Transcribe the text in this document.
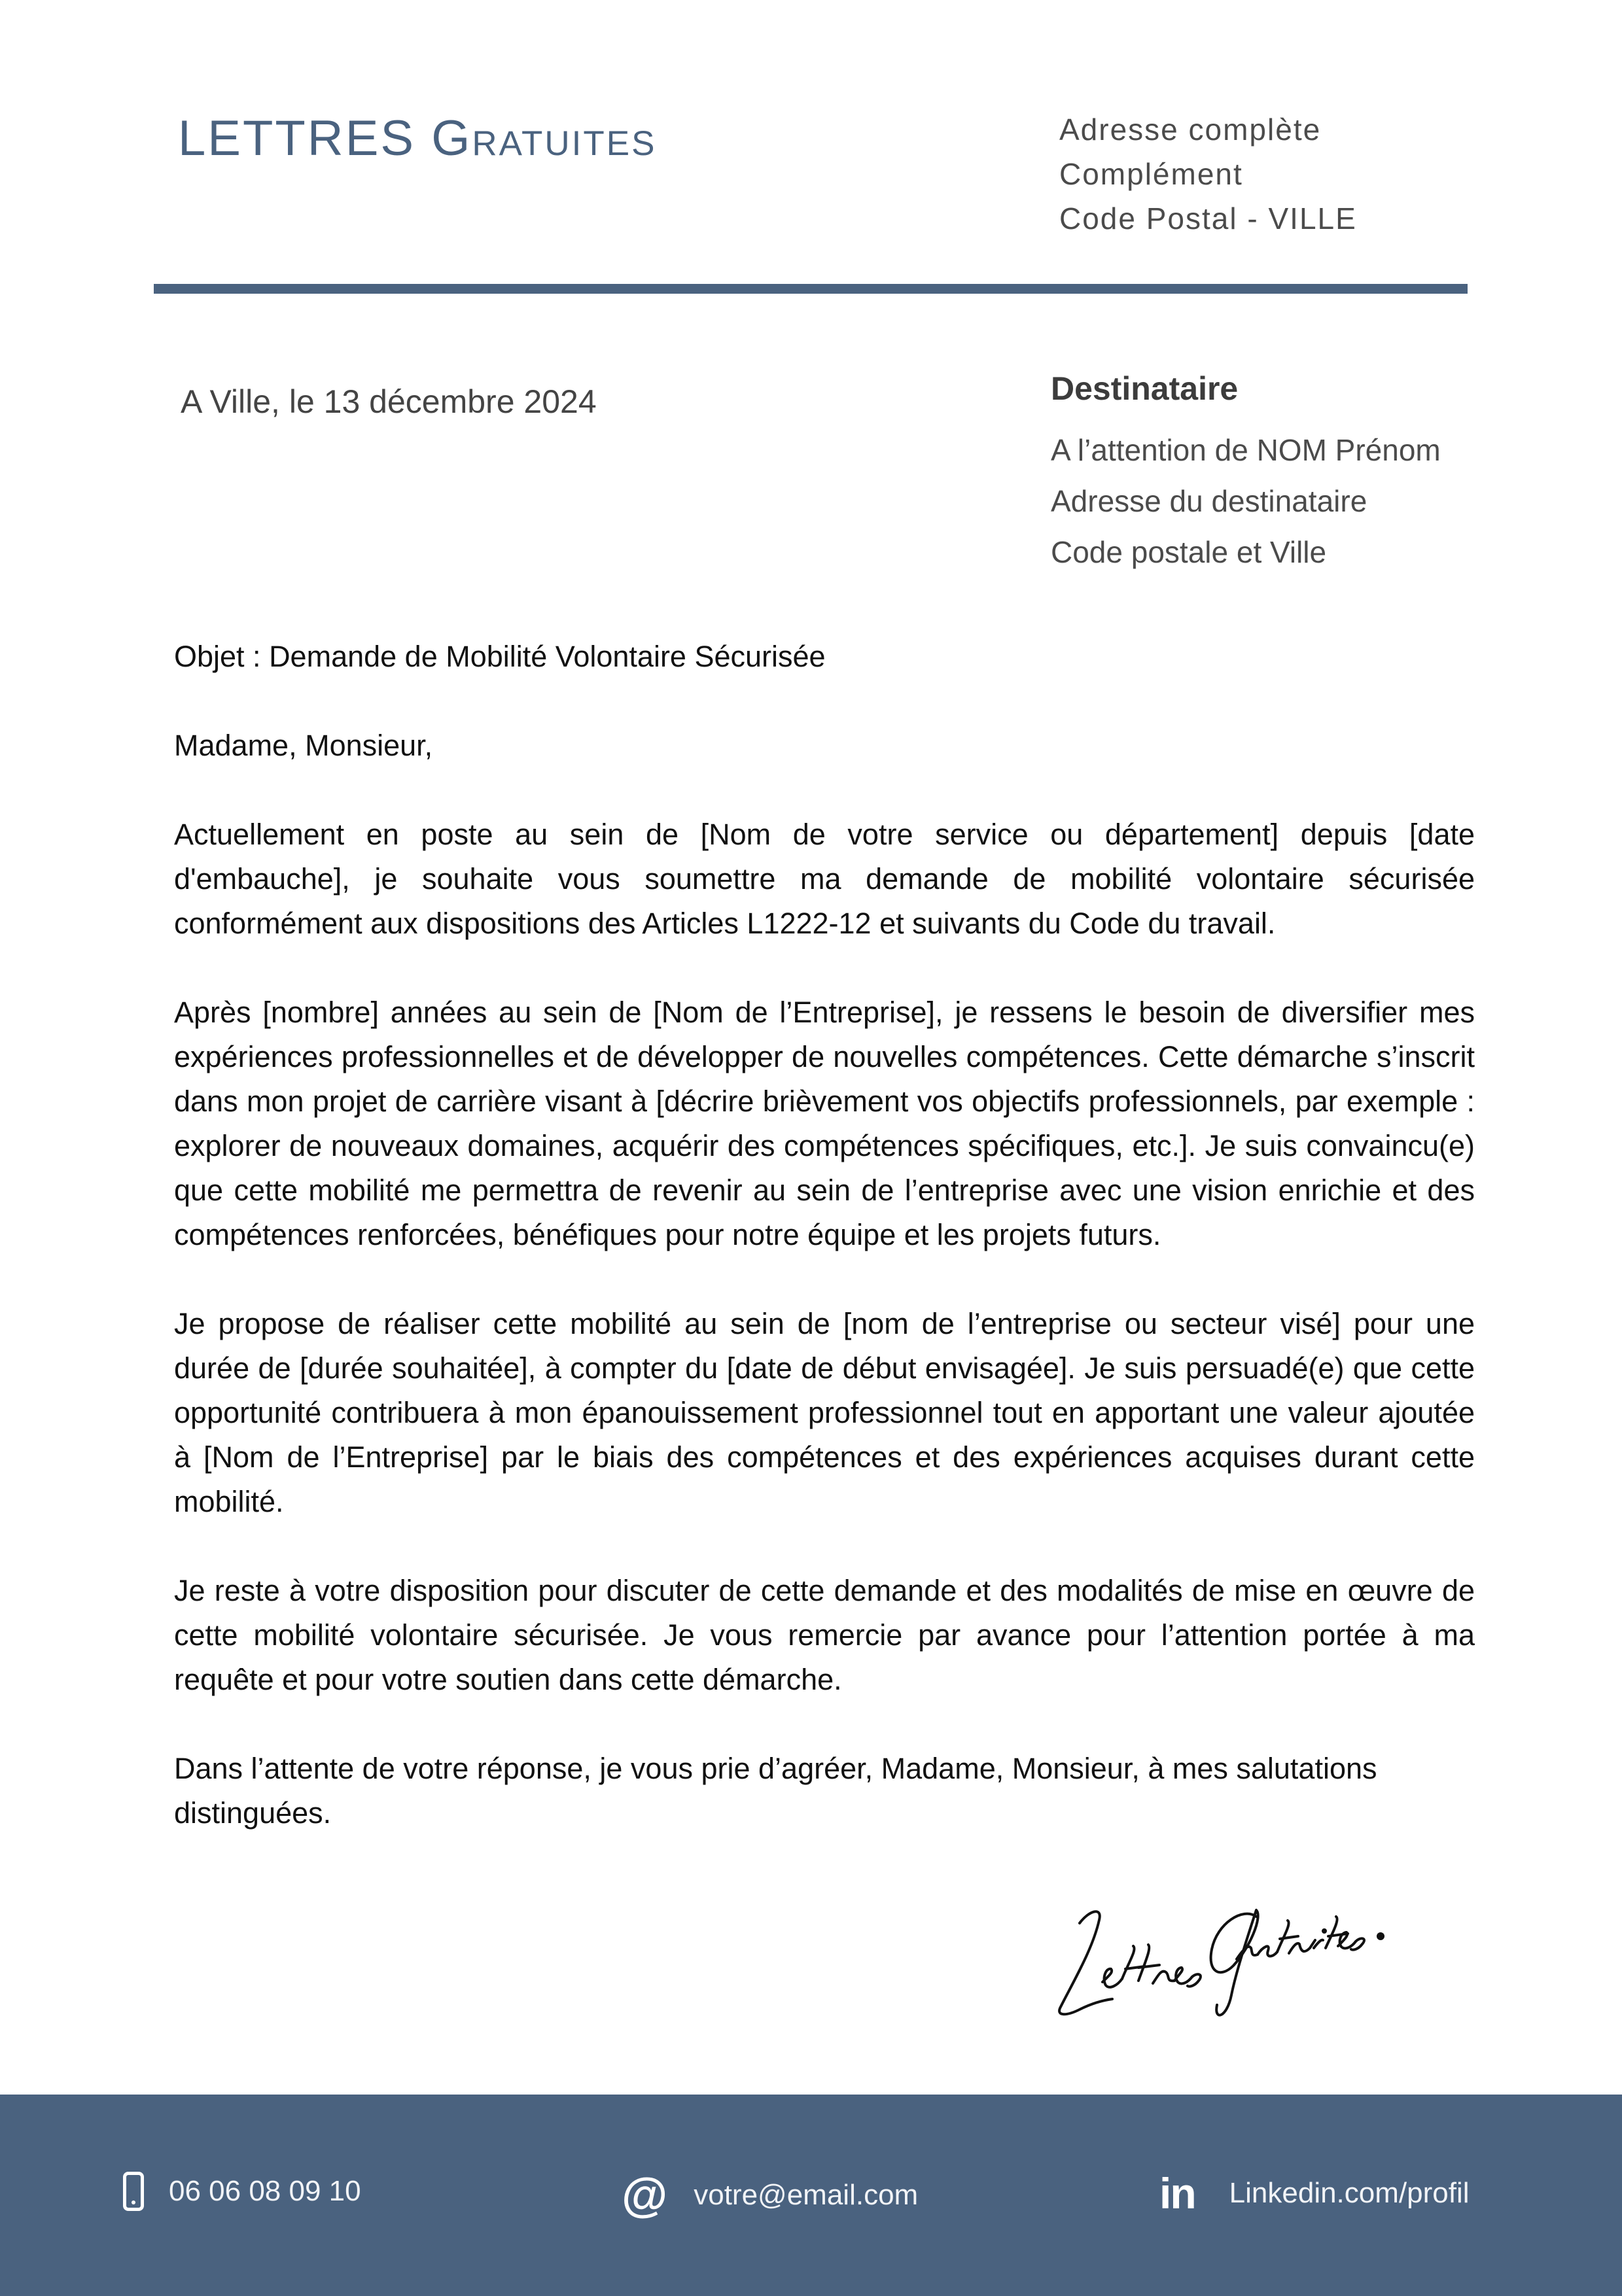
LETTRES Gratuites	Adresse complète
Complément
Code Postal - VILLE
A Ville, le 13 décembre 2024	Destinataire
A l’attention de NOM Prénom
Adresse du destinataire
Code postale et Ville

Objet : Demande de Mobilité Volontaire Sécurisée

Madame, Monsieur,

Actuellement en poste au sein de [Nom de votre service ou département] depuis [date d'embauche], je souhaite vous soumettre ma demande de mobilité volontaire sécurisée conformément aux dispositions des Articles L1222-12 et suivants du Code du travail.

Après [nombre] années au sein de [Nom de l’Entreprise], je ressens le besoin de diversifier mes expériences professionnelles et de développer de nouvelles compétences. Cette démarche s’inscrit dans mon projet de carrière visant à [décrire brièvement vos objectifs professionnels, par exemple : explorer de nouveaux domaines, acquérir des compétences spécifiques, etc.]. Je suis convaincu(e) que cette mobilité me permettra de revenir au sein de l’entreprise avec une vision enrichie et des compétences renforcées, bénéfiques pour notre équipe et les projets futurs.

Je propose de réaliser cette mobilité au sein de [nom de l’entreprise ou secteur visé] pour une durée de [durée souhaitée], à compter du [date de début envisagée]. Je suis persuadé(e) que cette opportunité contribuera à mon épanouissement professionnel tout en apportant une valeur ajoutée à [Nom de l’Entreprise] par le biais des compétences et des expériences acquises durant cette mobilité.

Je reste à votre disposition pour discuter de cette demande et des modalités de mise en œuvre de cette mobilité volontaire sécurisée. Je vous remercie par avance pour l’attention portée à ma requête et pour votre soutien dans cette démarche.

Dans l’attente de votre réponse, je vous prie d’agréer, Madame, Monsieur, à mes salutations distinguées.

06 06 08 09 10	@ votre@email.com	in Linkedin.com/profil
